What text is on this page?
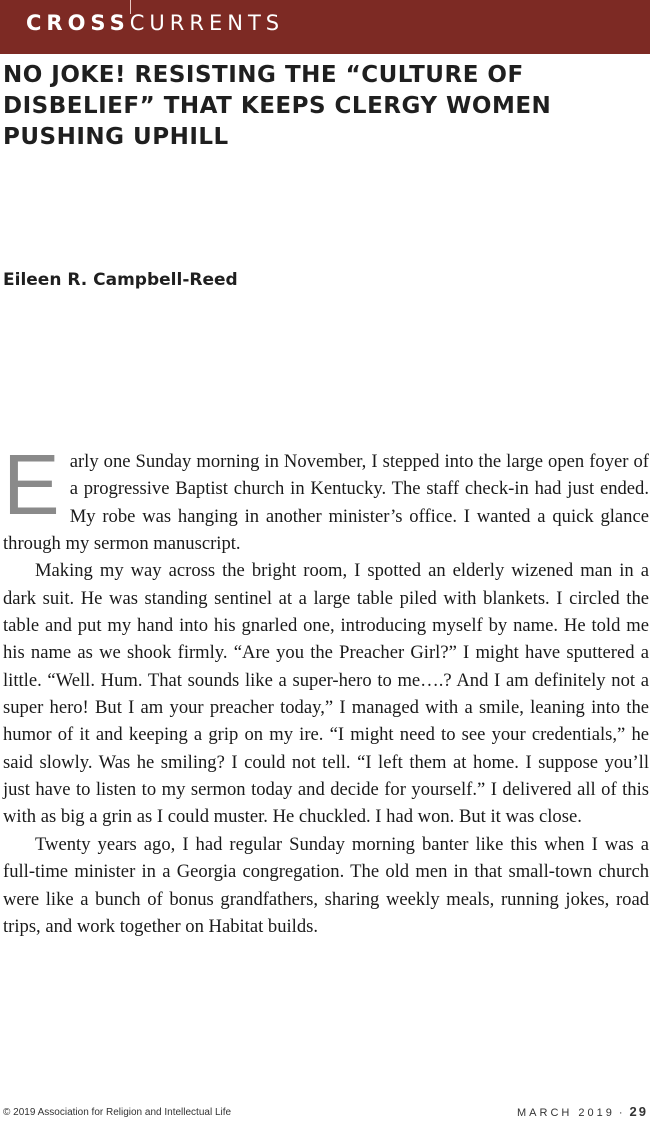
CROSSCURRENTS
NO JOKE! RESISTING THE “CULTURE OF DISBELIEF” THAT KEEPS CLERGY WOMEN PUSHING UPHILL

Eileen R. Campbell-Reed

Early one Sunday morning in November, I stepped into the large open foyer of a progressive Baptist church in Kentucky. The staff check-in had just ended. My robe was hanging in another minister’s office. I wanted a quick glance through my sermon manuscript.

Making my way across the bright room, I spotted an elderly wizened man in a dark suit. He was standing sentinel at a large table piled with blankets. I circled the table and put my hand into his gnarled one, introducing myself by name. He told me his name as we shook firmly. “Are you the Preacher Girl?” I might have sputtered a little. “Well. Hum. That sounds like a super-hero to me….? And I am definitely not a super hero! But I am your preacher today,” I managed with a smile, leaning into the humor of it and keeping a grip on my ire. “I might need to see your credentials,” he said slowly. Was he smiling? I could not tell. “I left them at home. I suppose you’ll just have to listen to my sermon today and decide for yourself.” I delivered all of this with as big a grin as I could muster. He chuckled. I had won. But it was close.

Twenty years ago, I had regular Sunday morning banter like this when I was a full-time minister in a Georgia congregation. The old men in that small-town church were like a bunch of bonus grandfathers, sharing weekly meals, running jokes, road trips, and work together on Habitat builds.

© 2019 Association for Religion and Intellectual Life	MARCH 2019 · 29
